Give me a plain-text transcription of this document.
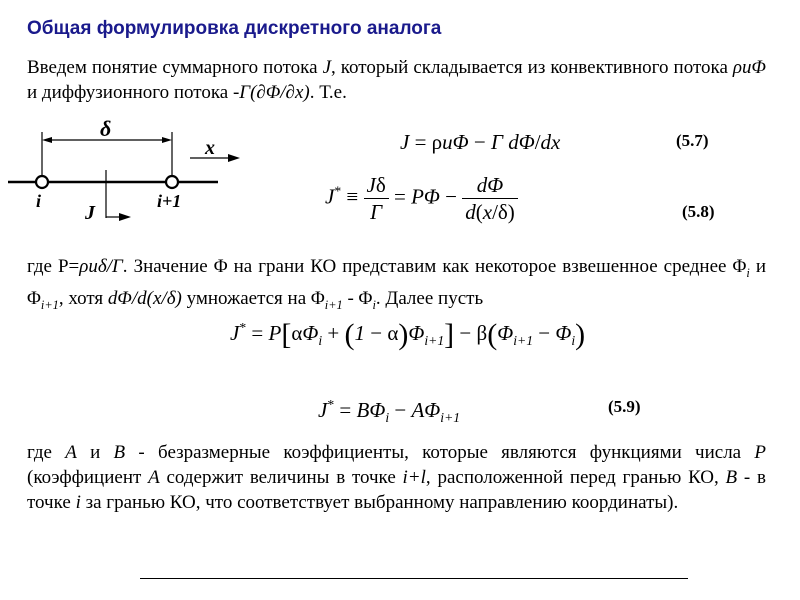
Общая формулировка дискретного аналога
Введем понятие суммарного потока J, который складывается из конвективного потока ρuΦ и диффузионного потока -Γ(∂Φ/∂x). Т.е.
δ
x
i	i+1
J
J = ρuΦ − Γ dΦ/dx	(5.7)
$J^* \equiv \frac{J\delta}{\Gamma} = P\Phi - \frac{d\Phi}{d(x/\delta)}$	(5.8)
где P=ρuδ/Γ. Значение Φ на грани КО представим как некоторое взвешенное среднее $\Phi_i$ и $\Phi_{i+1}$, хотя dΦ/d(x/δ) умножается на $\Phi_{i+1} - \Phi_i$. Далее пусть
$J^* = P[\alpha\Phi_i + (1 - \alpha)\Phi_{i+1}] - \beta(\Phi_{i+1} - \Phi_i)$
$J^* = B\Phi_i - A\Phi_{i+1}$
(5.9)
где A и B - безразмерные коэффициенты, которые являются функциями числа P (коэффициент A содержит величины в точке i+l, расположенной перед гранью КО, B - в точке i за гранью КО, что соответствует выбранному направлению координаты).
